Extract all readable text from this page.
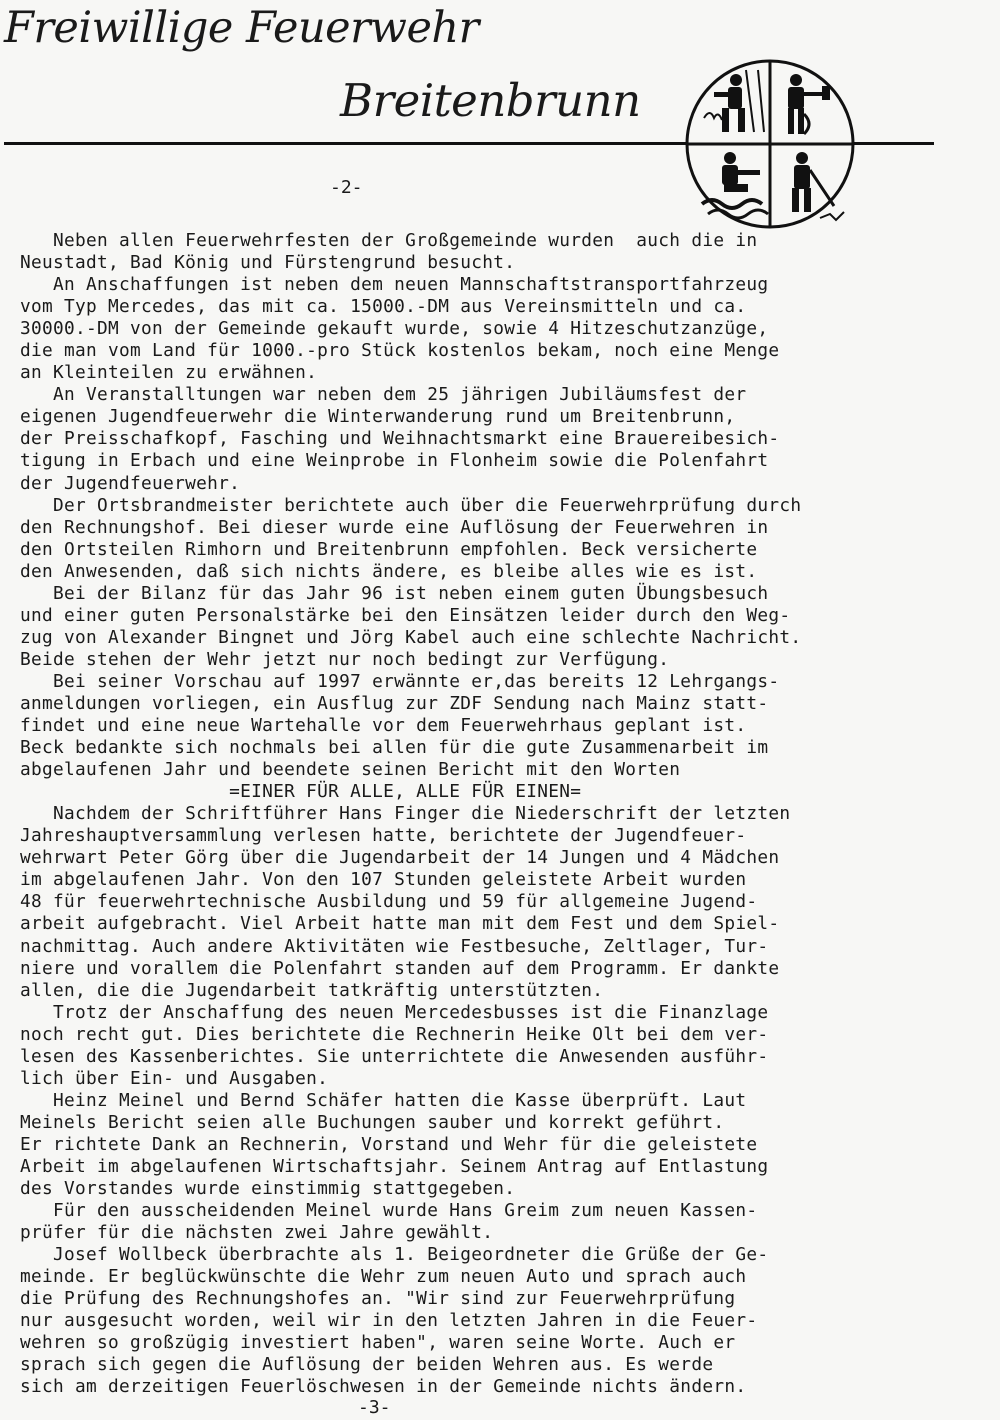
Freiwillige Feuerwehr
Breitenbrunn
-2-
Neben allen Feuerwehrfesten der Großgemeinde wurden  auch die in
Neustadt, Bad König und Fürstengrund besucht.
An Anschaffungen ist neben dem neuen Mannschaftstransportfahrzeug
vom Typ Mercedes, das mit ca. 15000.-DM aus Vereinsmitteln und ca.
30000.-DM von der Gemeinde gekauft wurde, sowie 4 Hitzeschutzanzüge,
die man vom Land für 1000.-pro Stück kostenlos bekam, noch eine Menge
an Kleinteilen zu erwähnen.
An Veranstalltungen war neben dem 25 jährigen Jubiläumsfest der
eigenen Jugendfeuerwehr die Winterwanderung rund um Breitenbrunn,
der Preisschafkopf, Fasching und Weihnachtsmarkt eine Brauereibesich-
tigung in Erbach und eine Weinprobe in Flonheim sowie die Polenfahrt
der Jugendfeuerwehr.
Der Ortsbrandmeister berichtete auch über die Feuerwehrprüfung durch
den Rechnungshof. Bei dieser wurde eine Auflösung der Feuerwehren in
den Ortsteilen Rimhorn und Breitenbrunn empfohlen. Beck versicherte
den Anwesenden, daß sich nichts ändere, es bleibe alles wie es ist.
Bei der Bilanz für das Jahr 96 ist neben einem guten Übungsbesuch
und einer guten Personalstärke bei den Einsätzen leider durch den Weg-
zug von Alexander Bingnet und Jörg Kabel auch eine schlechte Nachricht.
Beide stehen der Wehr jetzt nur noch bedingt zur Verfügung.
Bei seiner Vorschau auf 1997 erwännte er,das bereits 12 Lehrgangs-
anmeldungen vorliegen, ein Ausflug zur ZDF Sendung nach Mainz statt-
findet und eine neue Wartehalle vor dem Feuerwehrhaus geplant ist.
Beck bedankte sich nochmals bei allen für die gute Zusammenarbeit im
abgelaufenen Jahr und beendete seinen Bericht mit den Worten
=EINER FÜR ALLE, ALLE FÜR EINEN=
Nachdem der Schriftführer Hans Finger die Niederschrift der letzten
Jahreshauptversammlung verlesen hatte, berichtete der Jugendfeuer-
wehrwart Peter Görg über die Jugendarbeit der 14 Jungen und 4 Mädchen
im abgelaufenen Jahr. Von den 107 Stunden geleistete Arbeit wurden
48 für feuerwehrtechnische Ausbildung und 59 für allgemeine Jugend-
arbeit aufgebracht. Viel Arbeit hatte man mit dem Fest und dem Spiel-
nachmittag. Auch andere Aktivitäten wie Festbesuche, Zeltlager, Tur-
niere und vorallem die Polenfahrt standen auf dem Programm. Er dankte
allen, die die Jugendarbeit tatkräftig unterstützten.
Trotz der Anschaffung des neuen Mercedesbusses ist die Finanzlage
noch recht gut. Dies berichtete die Rechnerin Heike Olt bei dem ver-
lesen des Kassenberichtes. Sie unterrichtete die Anwesenden ausführ-
lich über Ein- und Ausgaben.
Heinz Meinel und Bernd Schäfer hatten die Kasse überprüft. Laut
Meinels Bericht seien alle Buchungen sauber und korrekt geführt.
Er richtete Dank an Rechnerin, Vorstand und Wehr für die geleistete
Arbeit im abgelaufenen Wirtschaftsjahr. Seinem Antrag auf Entlastung
des Vorstandes wurde einstimmig stattgegeben.
Für den ausscheidenden Meinel wurde Hans Greim zum neuen Kassen-
prüfer für die nächsten zwei Jahre gewählt.
Josef Wollbeck überbrachte als 1. Beigeordneter die Grüße der Ge-
meinde. Er beglückwünschte die Wehr zum neuen Auto und sprach auch
die Prüfung des Rechnungshofes an. "Wir sind zur Feuerwehrprüfung
nur ausgesucht worden, weil wir in den letzten Jahren in die Feuer-
wehren so großzügig investiert haben", waren seine Worte. Auch er
sprach sich gegen die Auflösung der beiden Wehren aus. Es werde
sich am derzeitigen Feuerlöschwesen in der Gemeinde nichts ändern.
-3-
